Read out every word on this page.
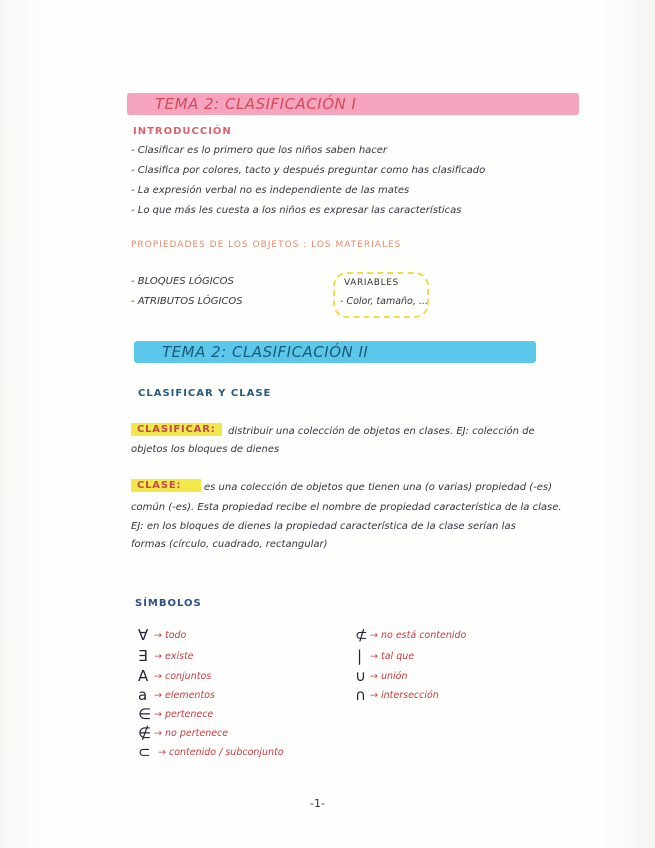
TEMA 2: CLASIFICACIÓN I
INTRODUCCIÓN
- Clasificar es lo primero que los niños saben hacer
- Clasifica por colores, tacto y después preguntar como has clasificado
- La expresión verbal no es independiente de las mates
- Lo que más les cuesta a los niños es expresar las características
PROPIEDADES DE LOS OBJETOS : LOS MATERIALES
- BLOQUES LÓGICOS
- ATRIBUTOS LÓGICOS
VARIABLES
- Color, tamaño, ...
TEMA 2: CLASIFICACIÓN II
CLASIFICAR Y CLASE
CLASIFICAR:	distribuir una colección de objetos en clases. EJ: colección de
objetos los bloques de dienes
CLASE:	es una colección de objetos que tienen una (o varias) propiedad (-es)
común (-es). Esta propiedad recibe el nombre de propiedad característica de la clase.
EJ: en los bloques de dienes la propiedad característica de la clase serían las
formas (círculo, cuadrado, rectangular)
SÍMBOLOS
∀ → todo
∃ → existe
A → conjuntos
a → elementos
∈ → pertenece
∉ → no pertenece
⊂ → contenido / subconjunto
⊄ → no está contenido
| → tal que
∪ → unión
∩ → intersección
-1-
